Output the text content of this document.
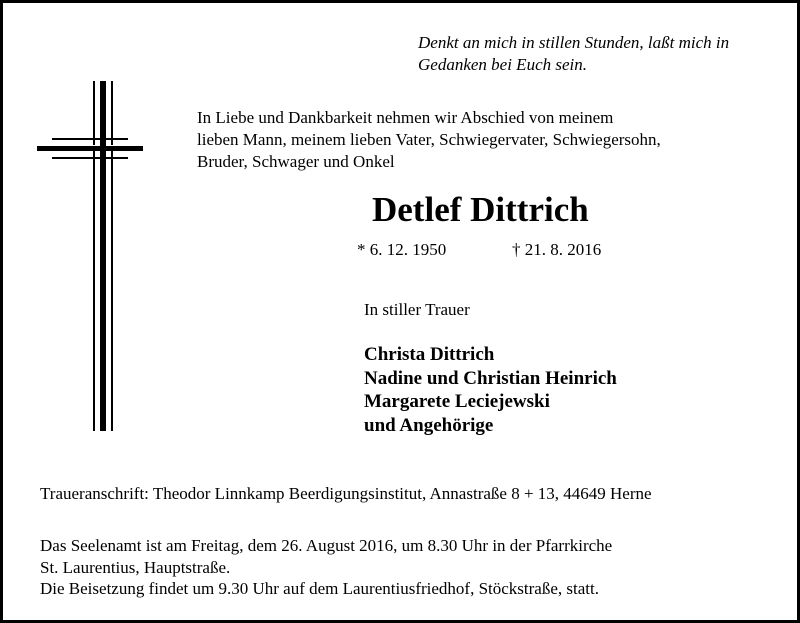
Denkt an mich in stillen Stunden, laßt mich in
Gedanken bei Euch sein.
In Liebe und Dankbarkeit nehmen wir Abschied von meinem
lieben Mann, meinem lieben Vater, Schwiegervater, Schwiegersohn,
Bruder, Schwager und Onkel
Detlef Dittrich
* 6. 12. 1950	† 21. 8. 2016
In stiller Trauer
Christa Dittrich
Nadine und Christian Heinrich
Margarete Leciejewski
und Angehörige
Traueranschrift: Theodor Linnkamp Beerdigungsinstitut, Annastraße 8 + 13, 44649 Herne
Das Seelenamt ist am Freitag, dem 26. August 2016, um 8.30 Uhr in der Pfarrkirche
St. Laurentius, Hauptstraße.
Die Beisetzung findet um 9.30 Uhr auf dem Laurentiusfriedhof, Stöckstraße, statt.
